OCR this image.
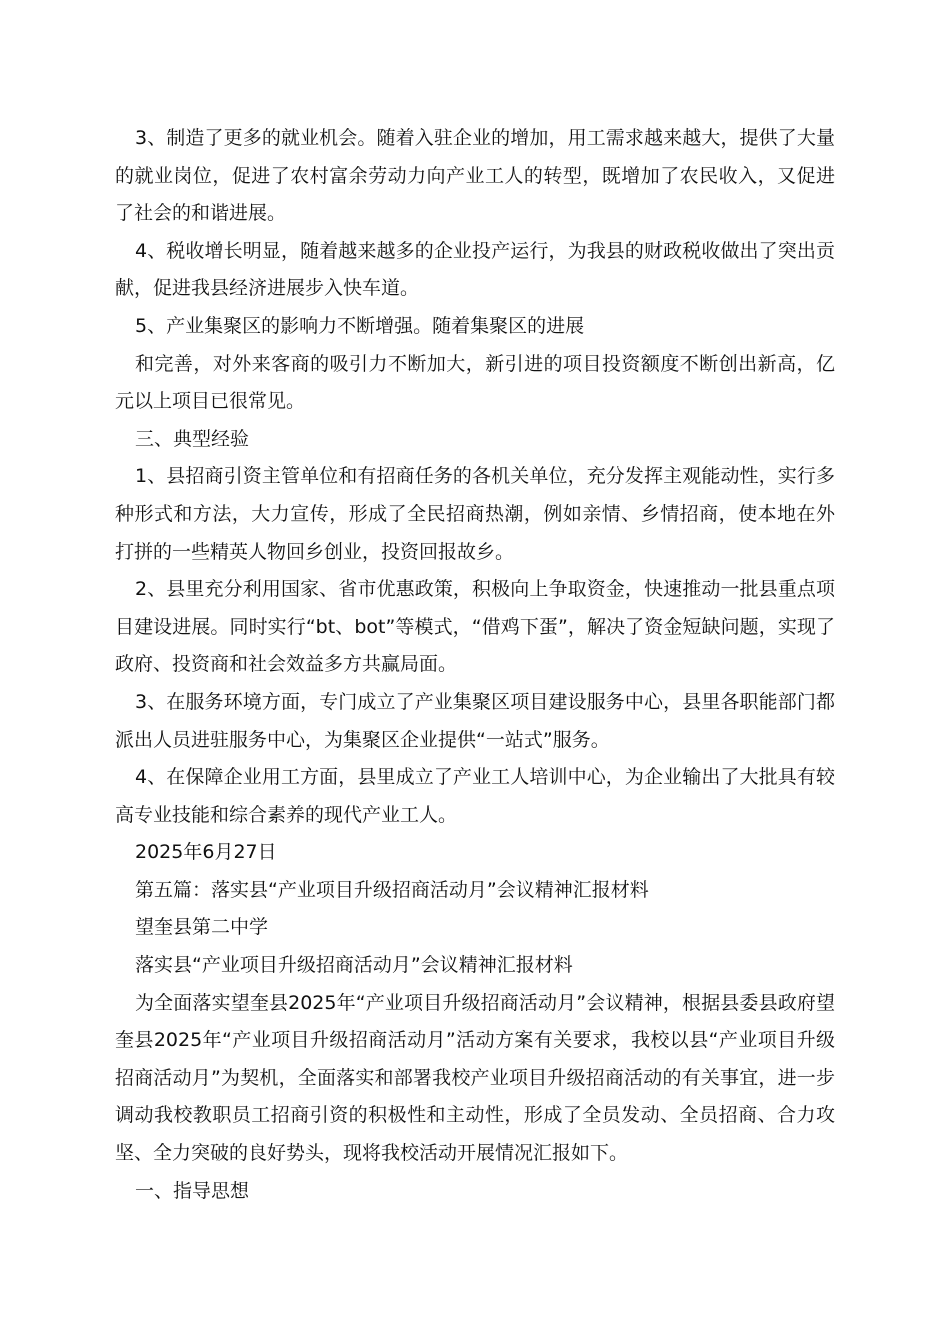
3、制造了更多的就业机会。随着入驻企业的增加，用工需求越来越大，提供了大量的就业岗位，促进了农村富余劳动力向产业工人的转型，既增加了农民收入，又促进了社会的和谐进展。

4、税收增长明显，随着越来越多的企业投产运行，为我县的财政税收做出了突出贡献，促进我县经济进展步入快车道。

5、产业集聚区的影响力不断增强。随着集聚区的进展

和完善，对外来客商的吸引力不断加大，新引进的项目投资额度不断创出新高，亿元以上项目已很常见。

三、典型经验

1、县招商引资主管单位和有招商任务的各机关单位，充分发挥主观能动性，实行多种形式和方法，大力宣传，形成了全民招商热潮，例如亲情、乡情招商，使本地在外打拼的一些精英人物回乡创业，投资回报故乡。

2、县里充分利用国家、省市优惠政策，积极向上争取资金，快速推动一批县重点项目建设进展。同时实行“bt、bot”等模式，“借鸡下蛋”，解决了资金短缺问题，实现了政府、投资商和社会效益多方共赢局面。

3、在服务环境方面，专门成立了产业集聚区项目建设服务中心，县里各职能部门都派出人员进驻服务中心，为集聚区企业提供“一站式”服务。

4、在保障企业用工方面，县里成立了产业工人培训中心，为企业输出了大批具有较高专业技能和综合素养的现代产业工人。

2025年6月27日

第五篇：落实县“产业项目升级招商活动月”会议精神汇报材料

望奎县第二中学

落实县“产业项目升级招商活动月”会议精神汇报材料

为全面落实望奎县2025年“产业项目升级招商活动月”会议精神，根据县委县政府望奎县2025年“产业项目升级招商活动月”活动方案有关要求，我校以县“产业项目升级招商活动月”为契机，全面落实和部署我校产业项目升级招商活动的有关事宜，进一步调动我校教职员工招商引资的积极性和主动性，形成了全员发动、全员招商、合力攻坚、全力突破的良好势头，现将我校活动开展情况汇报如下。

一、指导思想
